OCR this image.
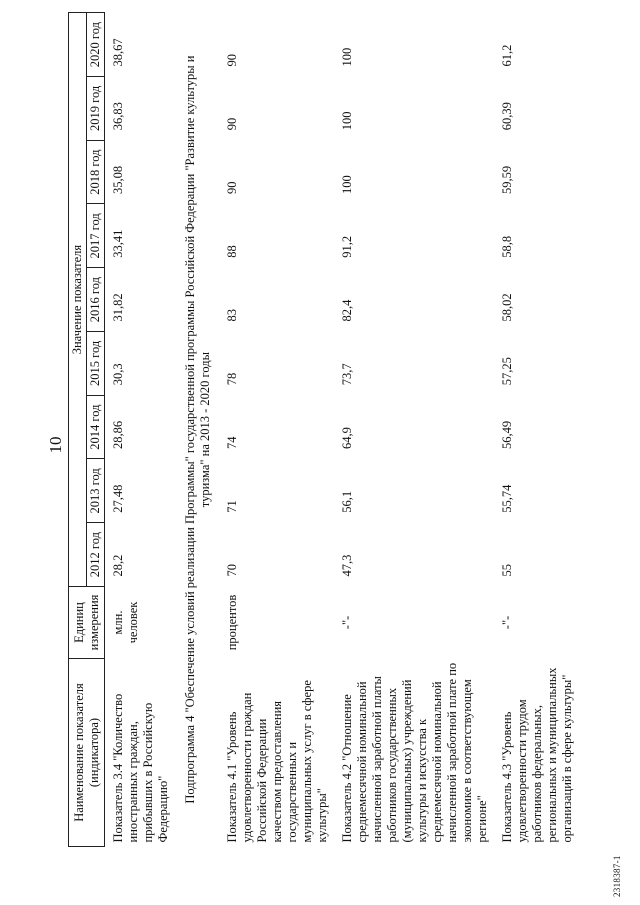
10
Наименование показателя (индикатора)	Единиц измерения	Значение показателя								
		2012 год	2013 год	2014 год	2015 год	2016 год	2017 год	2018 год	2019 год	2020 год
Показатель 3.4 "Количество иностранных граждан, прибывших в Российскую Федерацию"	млн. человек	28,2	27,48	28,86	30,3	31,82	33,41	35,08	36,83	38,67
Подпрограмма 4 "Обеспечение условий реализации Программы" государственной программы Российской Федерации "Развитие культуры и туризма" на 2013 - 2020 годы										
Показатель 4.1 "Уровень удовлетворенности граждан Российской Федерации качеством предоставления государственных и муниципальных услуг в сфере культуры"	процентов	70	71	74	78	83	88	90	90	90
Показатель 4.2 "Отношение среднемесячной номинальной начисленной заработной платы работников государственных (муниципальных) учреждений культуры и искусства к среднемесячной номинальной начисленной заработной плате по экономике в соответствующем регионе"	-"-	47,3	56,1	64,9	73,7	82,4	91,2	100	100	100
Показатель 4.3 "Уровень удовлетворенности трудом работников федеральных, региональных и муниципальных организаций в сфере культуры"	-"-	55	55,74	56,49	57,25	58,02	58,8	59,59	60,39	61,2
2318387-1
